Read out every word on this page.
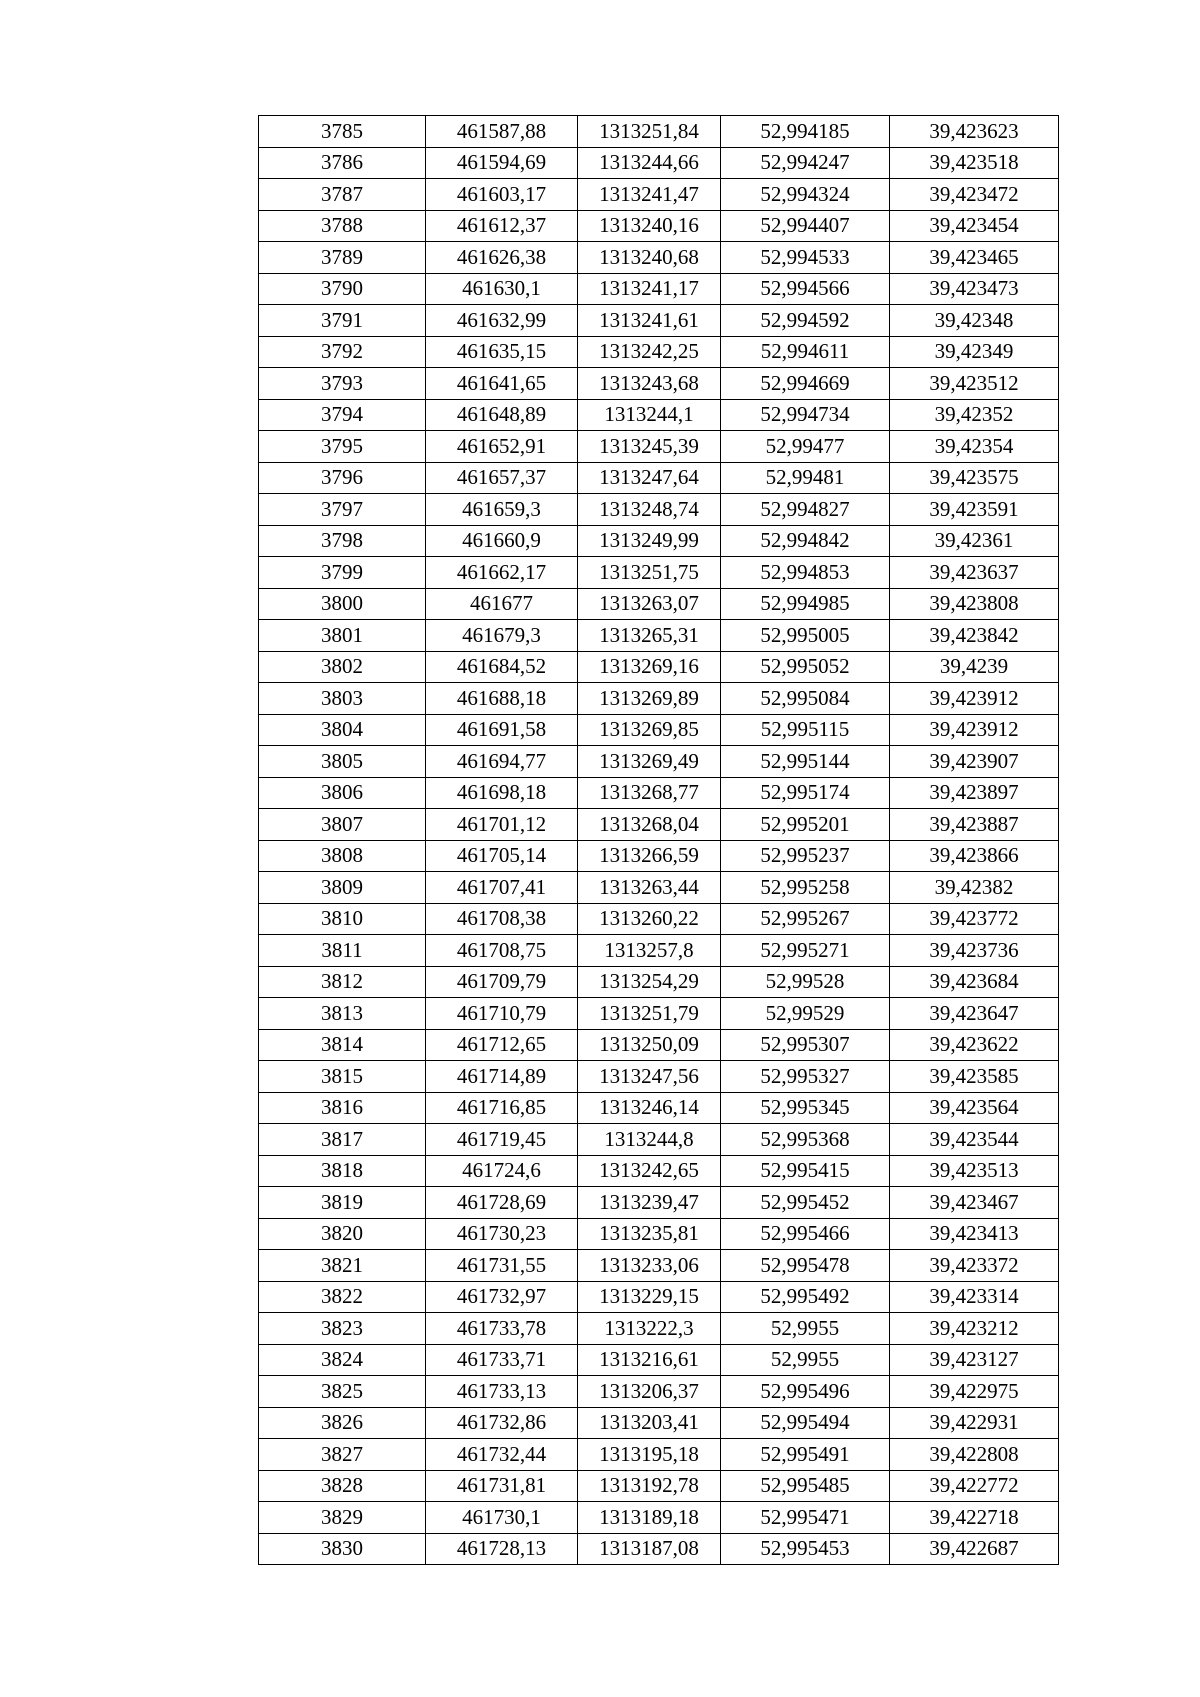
3785	461587,88	1313251,84	52,994185	39,423623
3786	461594,69	1313244,66	52,994247	39,423518
3787	461603,17	1313241,47	52,994324	39,423472
3788	461612,37	1313240,16	52,994407	39,423454
3789	461626,38	1313240,68	52,994533	39,423465
3790	461630,1	1313241,17	52,994566	39,423473
3791	461632,99	1313241,61	52,994592	39,42348
3792	461635,15	1313242,25	52,994611	39,42349
3793	461641,65	1313243,68	52,994669	39,423512
3794	461648,89	1313244,1	52,994734	39,42352
3795	461652,91	1313245,39	52,99477	39,42354
3796	461657,37	1313247,64	52,99481	39,423575
3797	461659,3	1313248,74	52,994827	39,423591
3798	461660,9	1313249,99	52,994842	39,42361
3799	461662,17	1313251,75	52,994853	39,423637
3800	461677	1313263,07	52,994985	39,423808
3801	461679,3	1313265,31	52,995005	39,423842
3802	461684,52	1313269,16	52,995052	39,4239
3803	461688,18	1313269,89	52,995084	39,423912
3804	461691,58	1313269,85	52,995115	39,423912
3805	461694,77	1313269,49	52,995144	39,423907
3806	461698,18	1313268,77	52,995174	39,423897
3807	461701,12	1313268,04	52,995201	39,423887
3808	461705,14	1313266,59	52,995237	39,423866
3809	461707,41	1313263,44	52,995258	39,42382
3810	461708,38	1313260,22	52,995267	39,423772
3811	461708,75	1313257,8	52,995271	39,423736
3812	461709,79	1313254,29	52,99528	39,423684
3813	461710,79	1313251,79	52,99529	39,423647
3814	461712,65	1313250,09	52,995307	39,423622
3815	461714,89	1313247,56	52,995327	39,423585
3816	461716,85	1313246,14	52,995345	39,423564
3817	461719,45	1313244,8	52,995368	39,423544
3818	461724,6	1313242,65	52,995415	39,423513
3819	461728,69	1313239,47	52,995452	39,423467
3820	461730,23	1313235,81	52,995466	39,423413
3821	461731,55	1313233,06	52,995478	39,423372
3822	461732,97	1313229,15	52,995492	39,423314
3823	461733,78	1313222,3	52,9955	39,423212
3824	461733,71	1313216,61	52,9955	39,423127
3825	461733,13	1313206,37	52,995496	39,422975
3826	461732,86	1313203,41	52,995494	39,422931
3827	461732,44	1313195,18	52,995491	39,422808
3828	461731,81	1313192,78	52,995485	39,422772
3829	461730,1	1313189,18	52,995471	39,422718
3830	461728,13	1313187,08	52,995453	39,422687
